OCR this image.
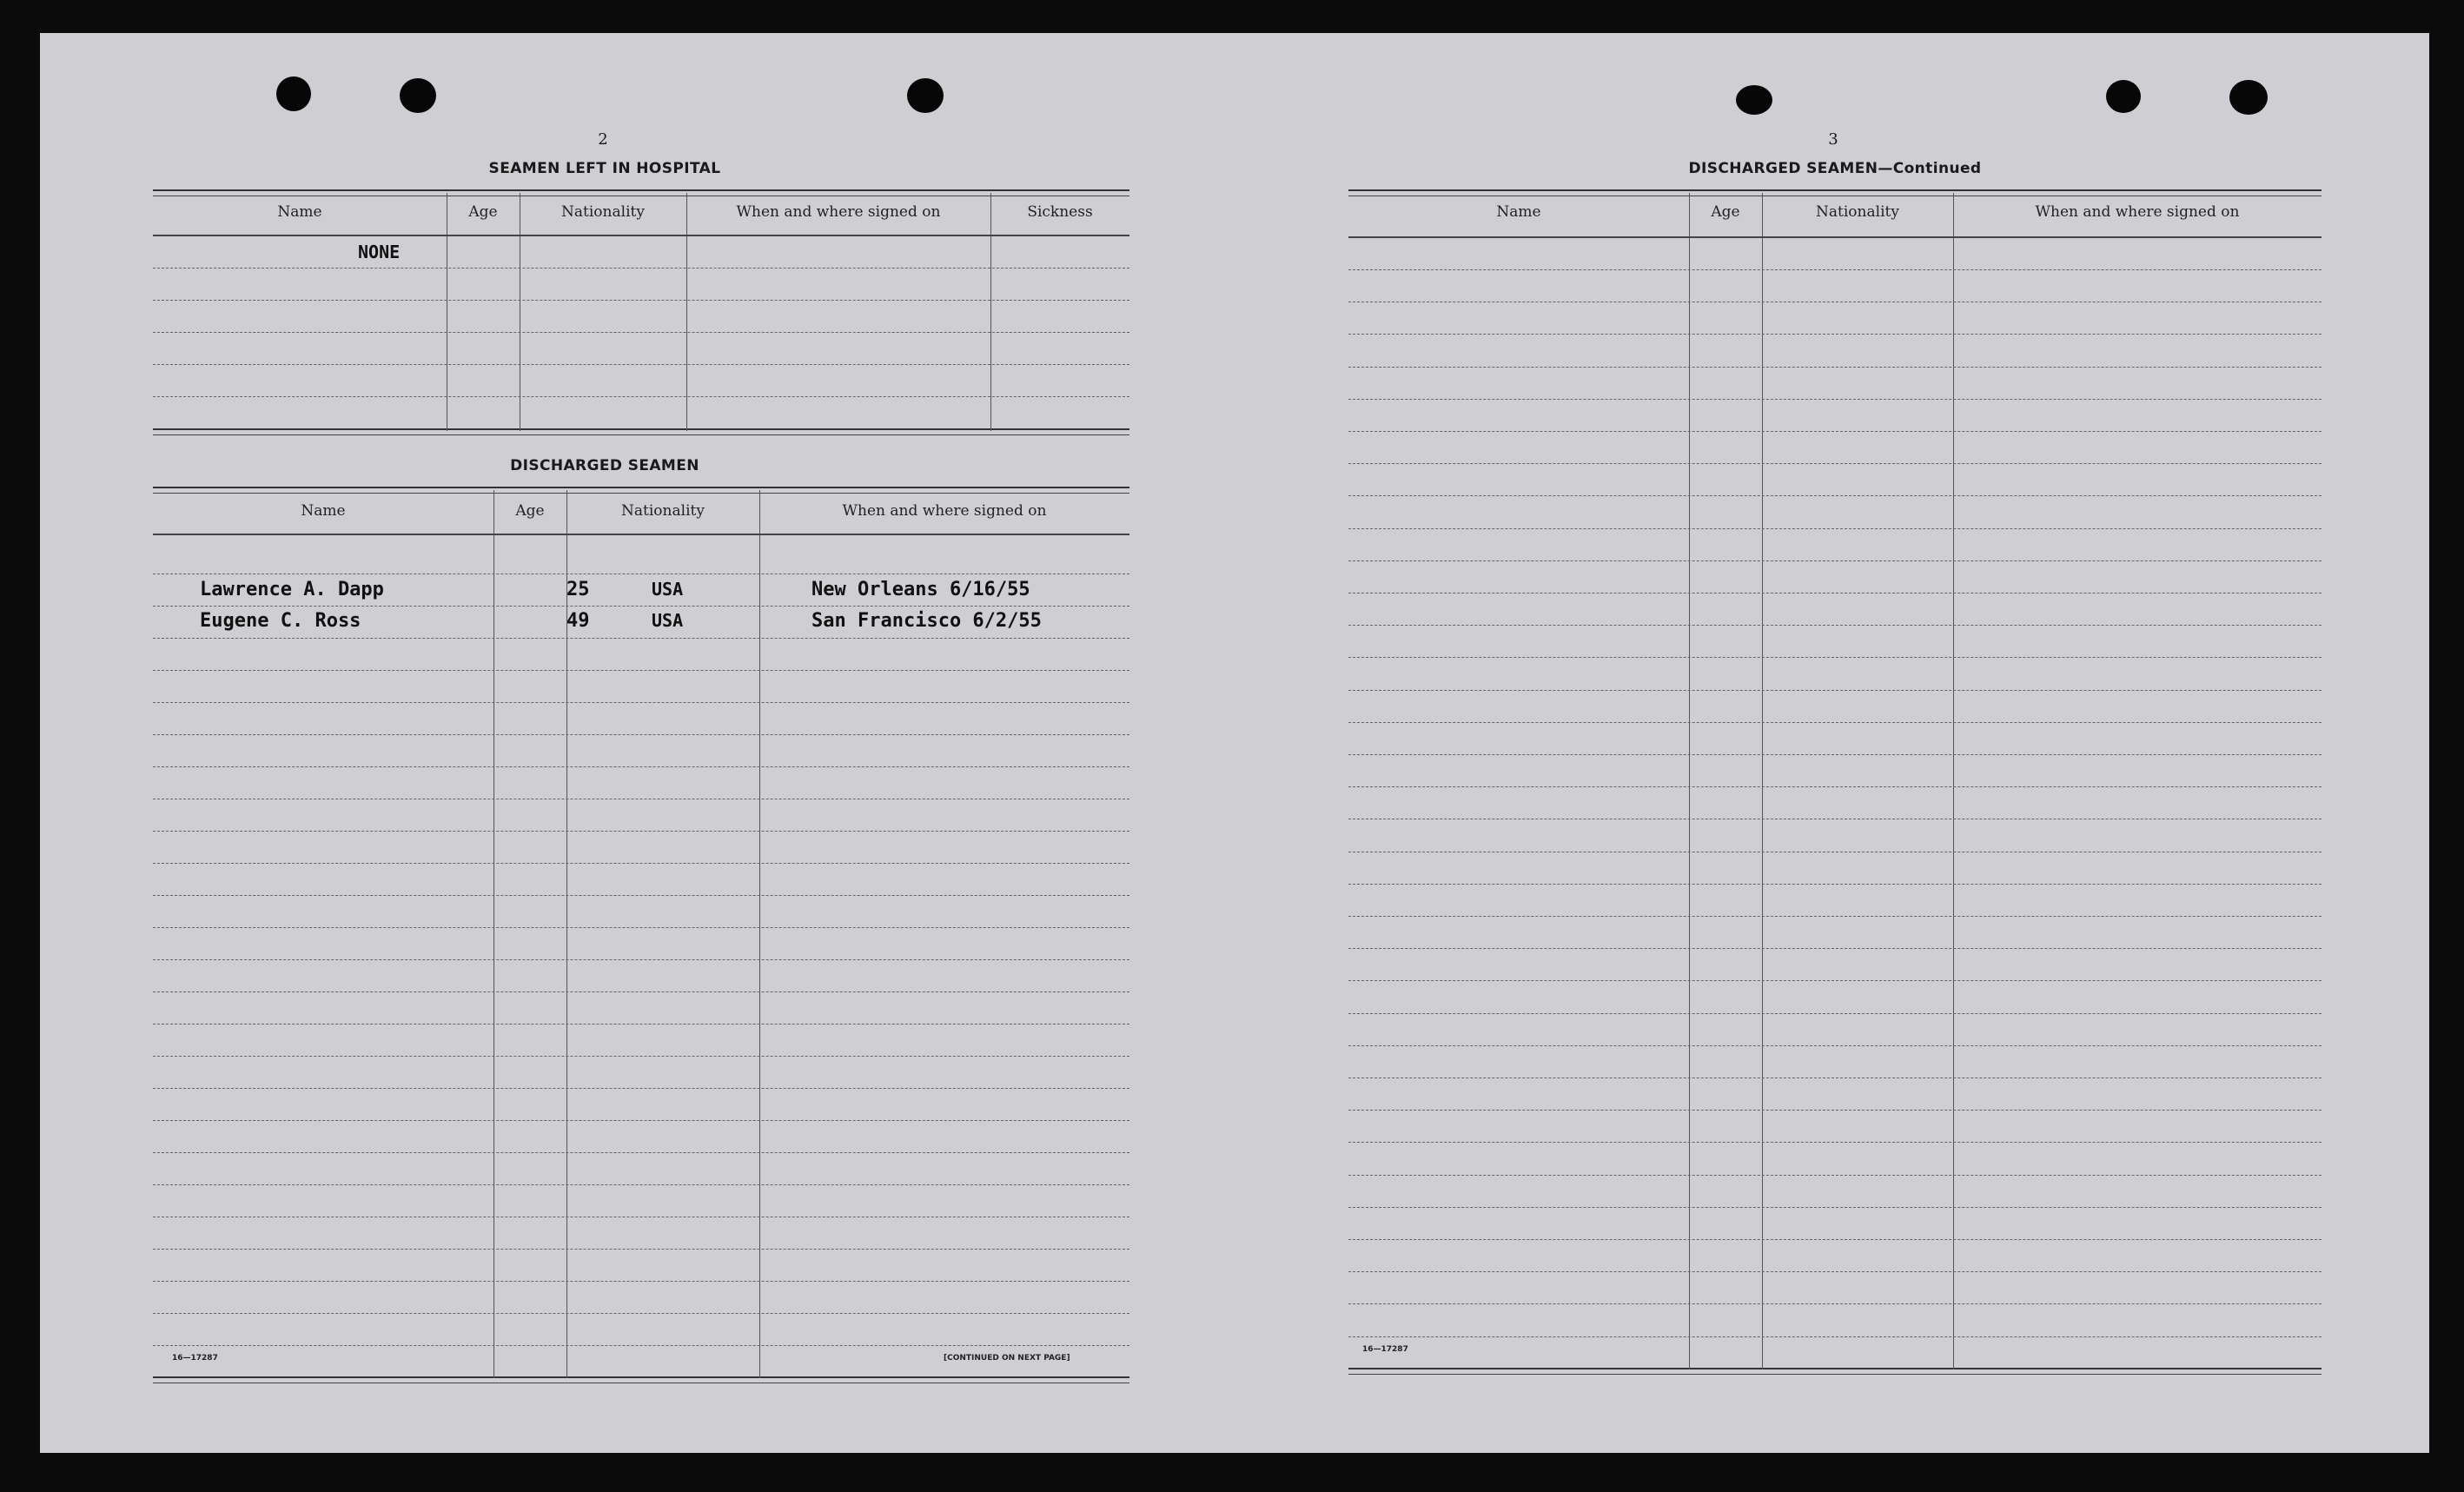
2
SEAMEN LEFT IN HOSPITAL
Name	Age	Nationality	When and where signed on	Sickness
NONE
DISCHARGED SEAMEN
Name	Age	Nationality	When and where signed on
Lawrence A. Dapp	25	USA	New Orleans 6/16/55
Eugene C. Ross	49	USA	San Francisco 6/2/55
16—17287	[CONTINUED ON NEXT PAGE]
3
DISCHARGED SEAMEN—Continued
Name	Age	Nationality	When and where signed on
16—17287
